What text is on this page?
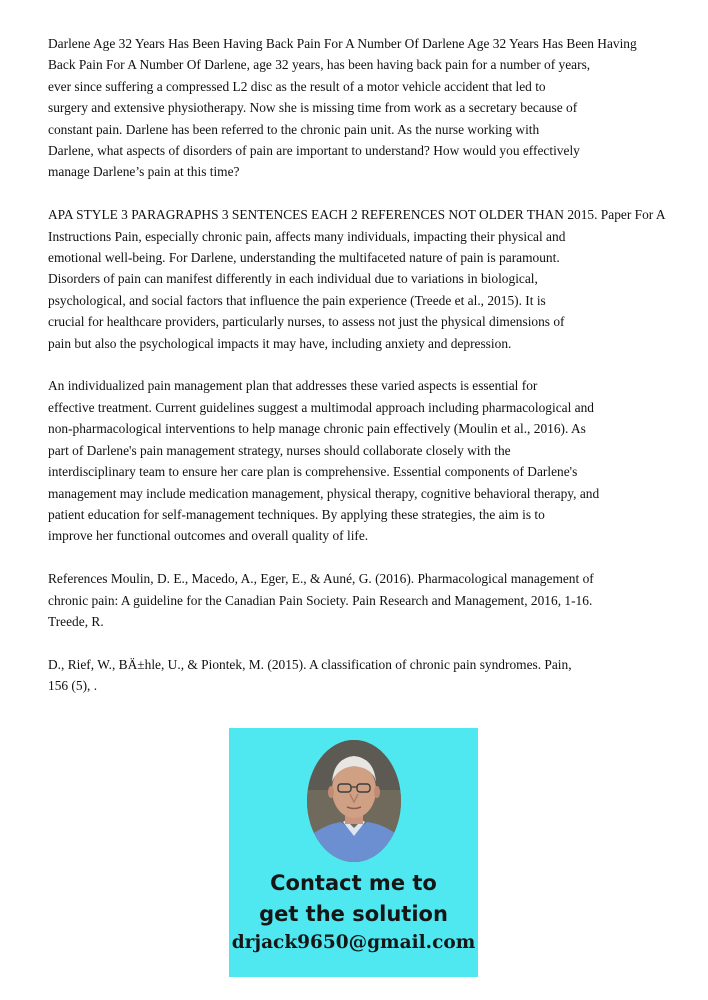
Darlene Age 32 Years Has Been Having Back Pain For A Number Of Darlene Age 32 Years Has Been Having
Back Pain For A Number Of Darlene, age 32 years, has been having back pain for a number of years,
ever since suffering a compressed L2 disc as the result of a motor vehicle accident that led to
surgery and extensive physiotherapy. Now she is missing time from work as a secretary because of
constant pain. Darlene has been referred to the chronic pain unit. As the nurse working with
Darlene, what aspects of disorders of pain are important to understand? How would you effectively
manage Darlene’s pain at this time?

APA STYLE 3 PARAGRAPHS 3 SENTENCES EACH 2 REFERENCES NOT OLDER THAN 2015. Paper For A
Instructions Pain, especially chronic pain, affects many individuals, impacting their physical and
emotional well-being. For Darlene, understanding the multifaceted nature of pain is paramount.
Disorders of pain can manifest differently in each individual due to variations in biological,
psychological, and social factors that influence the pain experience (Treede et al., 2015). It is
crucial for healthcare providers, particularly nurses, to assess not just the physical dimensions of
pain but also the psychological impacts it may have, including anxiety and depression.

An individualized pain management plan that addresses these varied aspects is essential for
effective treatment. Current guidelines suggest a multimodal approach including pharmacological and
non-pharmacological interventions to help manage chronic pain effectively (Moulin et al., 2016). As
part of Darlene's pain management strategy, nurses should collaborate closely with the
interdisciplinary team to ensure her care plan is comprehensive. Essential components of Darlene's
management may include medication management, physical therapy, cognitive behavioral therapy, and
patient education for self-management techniques. By applying these strategies, the aim is to
improve her functional outcomes and overall quality of life.

References Moulin, D. E., Macedo, A., Eger, E., & Auné, G. (2016). Pharmacological management of
chronic pain: A guideline for the Canadian Pain Society. Pain Research and Management, 2016, 1-16.
Treede, R.

D., Rief, W., BÄ±hle, U., & Piontek, M. (2015). A classification of chronic pain syndromes. Pain,
156 (5), .

Contact me to
get the solution
drjack9650@gmail.com
